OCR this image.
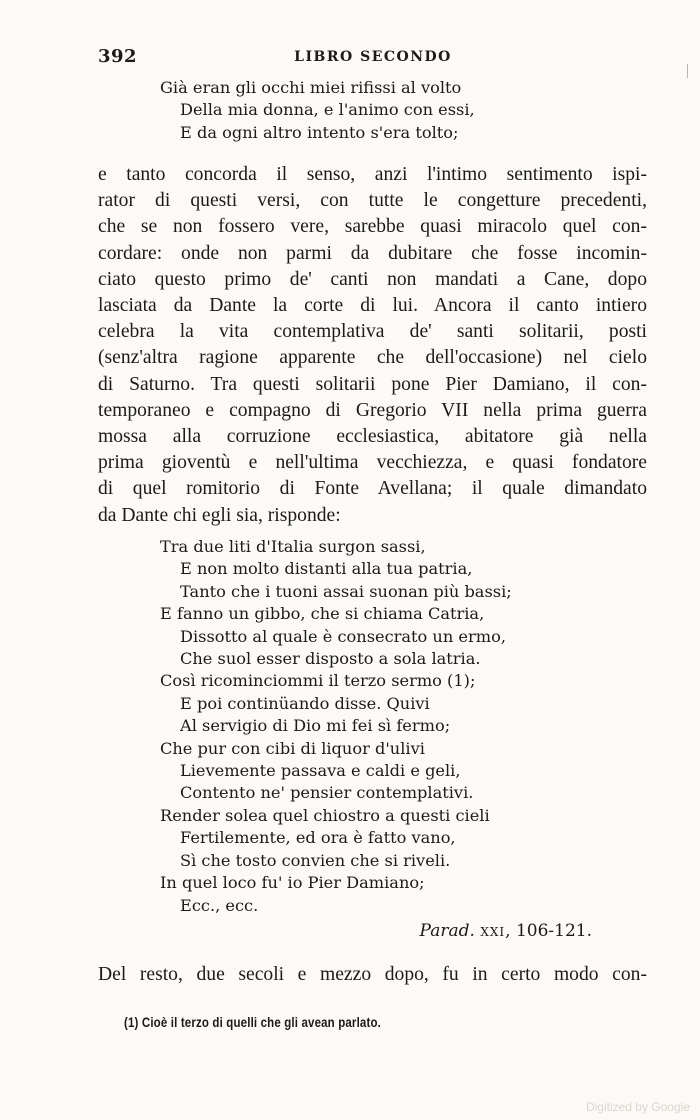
392	LIBRO SECONDO
Già eran gli occhi miei rifissi al volto
Della mia donna, e l'animo con essi,
E da ogni altro intento s'era tolto;
e tanto concorda il senso, anzi l'intimo sentimento ispi-
rator di questi versi, con tutte le congetture precedenti,
che se non fossero vere, sarebbe quasi miracolo quel con-
cordare: onde non parmi da dubitare che fosse incomin-
ciato questo primo de' canti non mandati a Cane, dopo
lasciata da Dante la corte di lui. Ancora il canto intiero
celebra la vita contemplativa de' santi solitarii, posti
(senz'altra ragione apparente che dell'occasione) nel cielo
di Saturno. Tra questi solitarii pone Pier Damiano, il con-
temporaneo e compagno di Gregorio VII nella prima guerra
mossa alla corruzione ecclesiastica, abitatore già nella
prima gioventù e nell'ultima vecchiezza, e quasi fondatore
di quel romitorio di Fonte Avellana; il quale dimandato
da Dante chi egli sia, risponde:
Tra due liti d'Italia surgon sassi,
E non molto distanti alla tua patria,
Tanto che i tuoni assai suonan più bassi;
E fanno un gibbo, che si chiama Catria,
Dissotto al quale è consecrato un ermo,
Che suol esser disposto a sola latria.
Così ricominciommi il terzo sermo (1);
E poi continüando disse. Quivi
Al servigio di Dio mi fei sì fermo;
Che pur con cibi di liquor d'ulivi
Lievemente passava e caldi e geli,
Contento ne' pensier contemplativi.
Render solea quel chiostro a questi cieli
Fertilemente, ed ora è fatto vano,
Sì che tosto convien che si riveli.
In quel loco fu' io Pier Damiano;
Ecc., ecc.
Parad. xxi, 106-121.
Del resto, due secoli e mezzo dopo, fu in certo modo con-
(1) Cioè il terzo di quelli che gli avean parlato.
Digitized by Google
